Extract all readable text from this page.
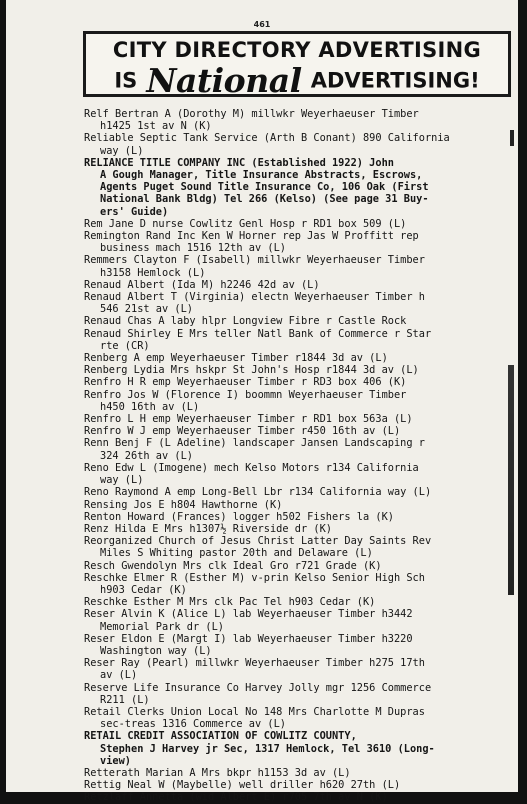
461
CITY DIRECTORY ADVERTISING
IS National ADVERTISING!
Relf Bertran A (Dorothy M) millwkr Weyerhaeuser Timber
h1425 1st av N (K)
Reliable Septic Tank Service (Arth B Conant) 890 California
way (L)
RELIANCE TITLE COMPANY INC (Established 1922) John
A Gough Manager, Title Insurance Abstracts, Escrows,
Agents Puget Sound Title Insurance Co, 106 Oak (First
National Bank Bldg) Tel 266 (Kelso) (See page 31 Buy-
ers' Guide)
Rem Jane D nurse Cowlitz Genl Hosp r RD1 box 509 (L)
Remington Rand Inc Ken W Horner rep Jas W Proffitt rep
business mach 1516 12th av (L)
Remmers Clayton F (Isabell) millwkr Weyerhaeuser Timber
h3158 Hemlock (L)
Renaud Albert (Ida M) h2246 42d av (L)
Renaud Albert T (Virginia) electn Weyerhaeuser Timber h
546 21st av (L)
Renaud Chas A laby hlpr Longview Fibre r Castle Rock
Renaud Shirley E Mrs teller Natl Bank of Commerce r Star
rte (CR)
Renberg A emp Weyerhaeuser Timber r1844 3d av (L)
Renberg Lydia Mrs hskpr St John's Hosp r1844 3d av (L)
Renfro H R emp Weyerhaeuser Timber r RD3 box 406 (K)
Renfro Jos W (Florence I) boommn Weyerhaeuser Timber
h450 16th av (L)
Renfro L H emp Weyerhaeuser Timber r RD1 box 563a (L)
Renfro W J emp Weyerhaeuser Timber r450 16th av (L)
Renn Benj F (L Adeline) landscaper Jansen Landscaping r
324 26th av (L)
Reno Edw L (Imogene) mech Kelso Motors r134 California
way (L)
Reno Raymond A emp Long-Bell Lbr r134 California way (L)
Rensing Jos E h804 Hawthorne (K)
Renton Howard (Frances) logger h502 Fishers la (K)
Renz Hilda E Mrs h1307½ Riverside dr (K)
Reorganized Church of Jesus Christ Latter Day Saints Rev
Miles S Whiting pastor 20th and Delaware (L)
Resch Gwendolyn Mrs clk Ideal Gro r721 Grade (K)
Reschke Elmer R (Esther M) v-prin Kelso Senior High Sch
h903 Cedar (K)
Reschke Esther M Mrs clk Pac Tel h903 Cedar (K)
Reser Alvin K (Alice L) lab Weyerhaeuser Timber h3442
Memorial Park dr (L)
Reser Eldon E (Margt I) lab Weyerhaeuser Timber h3220
Washington way (L)
Reser Ray (Pearl) millwkr Weyerhaeuser Timber h275 17th
av (L)
Reserve Life Insurance Co Harvey Jolly mgr 1256 Commerce
R211 (L)
Retail Clerks Union Local No 148 Mrs Charlotte M Dupras
sec-treas 1316 Commerce av (L)
RETAIL CREDIT ASSOCIATION OF COWLITZ COUNTY,
Stephen J Harvey jr Sec, 1317 Hemlock, Tel 3610 (Long-
view)
Retterath Marian A Mrs bkpr h1153 3d av (L)
Rettig Neal W (Maybelle) well driller h620 27th (L)
Retzlaff Annetta (wid Albert E) r705 7th av N (K)
